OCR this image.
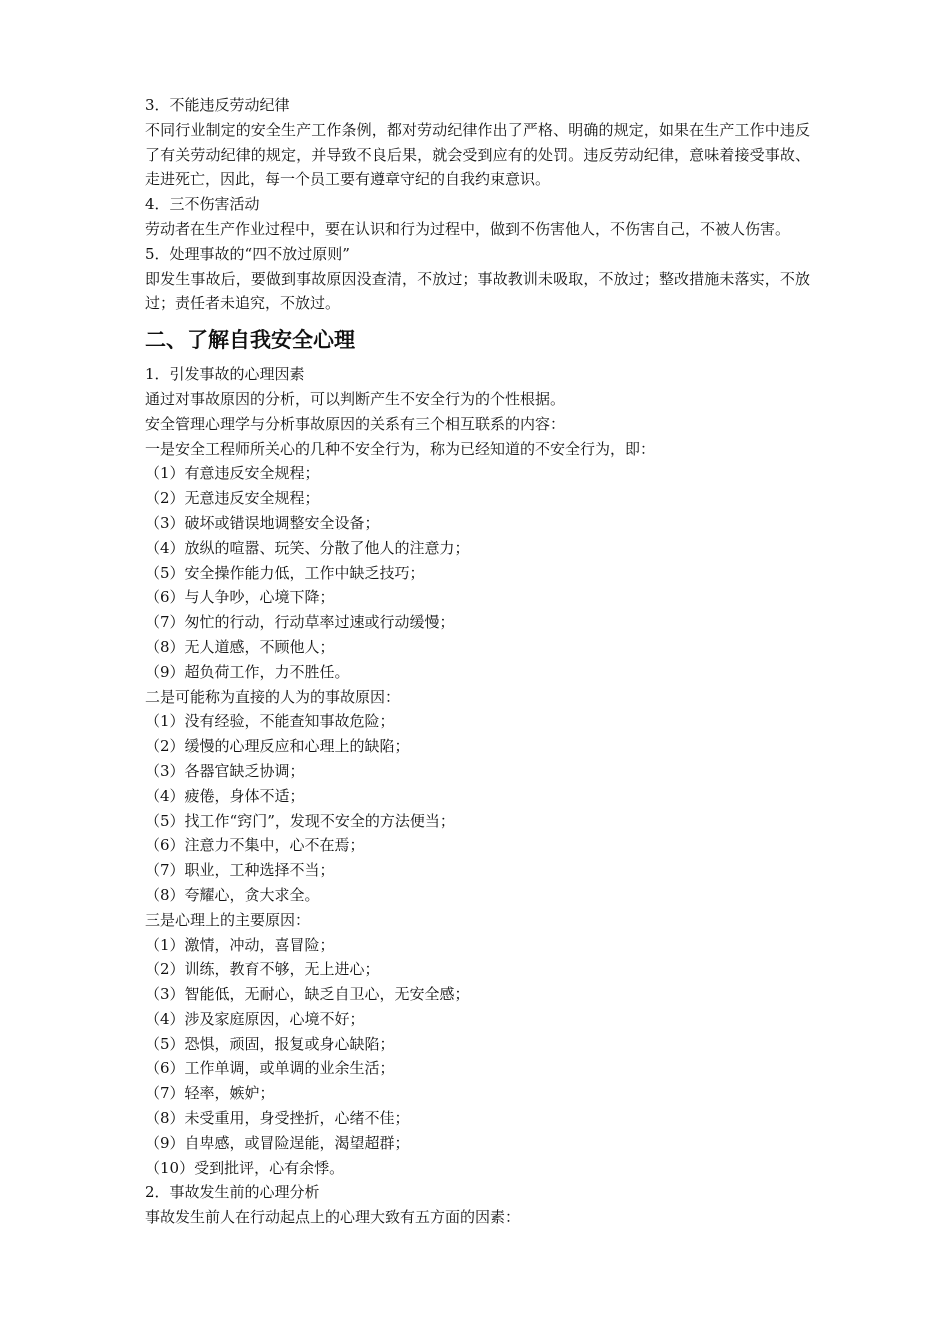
3．不能违反劳动纪律

不同行业制定的安全生产工作条例，都对劳动纪律作出了严格、明确的规定，如果在生产工作中违反了有关劳动纪律的规定，并导致不良后果，就会受到应有的处罚。违反劳动纪律，意味着接受事故、走进死亡，因此，每一个员工要有遵章守纪的自我约束意识。

4．三不伤害活动

劳动者在生产作业过程中，要在认识和行为过程中，做到不伤害他人，不伤害自己，不被人伤害。

5．处理事故的“四不放过原则”

即发生事故后，要做到事故原因没查清，不放过；事故教训未吸取，不放过；整改措施未落实，不放过；责任者未追究，不放过。

二、了解自我安全心理

1．引发事故的心理因素

通过对事故原因的分析，可以判断产生不安全行为的个性根据。

安全管理心理学与分析事故原因的关系有三个相互联系的内容：

一是安全工程师所关心的几种不安全行为，称为已经知道的不安全行为，即：

（1）有意违反安全规程；

（2）无意违反安全规程；

（3）破坏或错误地调整安全设备；

（4）放纵的喧嚣、玩笑、分散了他人的注意力；

（5）安全操作能力低，工作中缺乏技巧；

（6）与人争吵，心境下降；

（7）匆忙的行动，行动草率过速或行动缓慢；

（8）无人道感，不顾他人；

（9）超负荷工作，力不胜任。

二是可能称为直接的人为的事故原因：

（1）没有经验，不能查知事故危险；

（2）缓慢的心理反应和心理上的缺陷；

（3）各器官缺乏协调；

（4）疲倦，身体不适；

（5）找工作“窍门”，发现不安全的方法便当；

（6）注意力不集中，心不在焉；

（7）职业，工种选择不当；

（8）夸耀心，贪大求全。

三是心理上的主要原因：

（1）激情，冲动，喜冒险；

（2）训练，教育不够，无上进心；

（3）智能低，无耐心，缺乏自卫心，无安全感；

（4）涉及家庭原因，心境不好；

（5）恐惧，顽固，报复或身心缺陷；

（6）工作单调，或单调的业余生活；

（7）轻率，嫉妒；

（8）未受重用，身受挫折，心绪不佳；

（9）自卑感，或冒险逞能，渴望超群；

（10）受到批评，心有余悸。

2．事故发生前的心理分析

事故发生前人在行动起点上的心理大致有五方面的因素：
